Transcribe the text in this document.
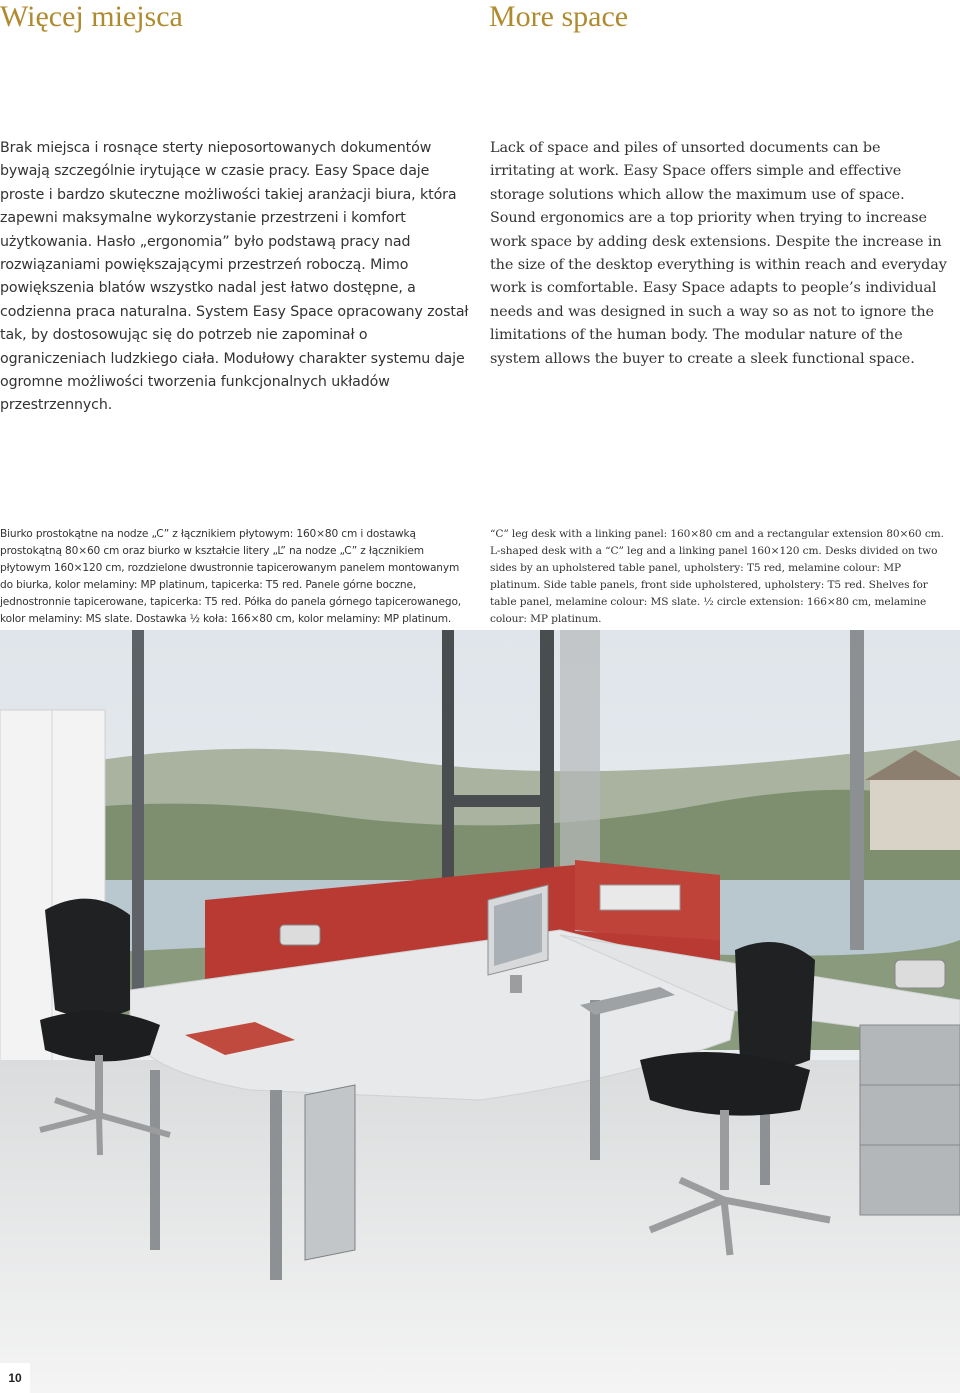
Więcej miejsca	More space

Brak miejsca i rosnące sterty nieposortowanych dokumentów bywają szczególnie irytujące w czasie pracy. Easy Space daje proste i bardzo skuteczne możliwości takiej aranżacji biura, która zapewni maksymalne wykorzystanie przestrzeni i komfort użytkowania. Hasło „ergonomia” było podstawą pracy nad rozwiązaniami powiększającymi przestrzeń roboczą. Mimo powiększenia blatów wszystko nadal jest łatwo dostępne, a codzienna praca naturalna. System Easy Space opracowany został tak, by dostosowując się do potrzeb nie zapominał o ograniczeniach ludzkiego ciała. Modułowy charakter systemu daje ogromne możliwości tworzenia funkcjonalnych układów przestrzennych.

Lack of space and piles of unsorted documents can be irritating at work. Easy Space offers simple and effective storage solutions which allow the maximum use of space. Sound ergonomics are a top priority when trying to increase work space by adding desk extensions. Despite the increase in the size of the desktop everything is within reach and everyday work is comfortable. Easy Space adapts to people’s individual needs and was designed in such a way so as not to ignore the limitations of the human body. The modular nature of the system allows the buyer to create a sleek functional space.

Biurko prostokątne na nodze „C” z łącznikiem płytowym: 160×80 cm i dostawką prostokątną 80×60 cm oraz biurko w kształcie litery „L” na nodze „C” z łącznikiem płytowym 160×120 cm, rozdzielone dwustronnie tapicerowanym panelem montowanym do biurka, kolor melaminy: MP platinum, tapicerka: T5 red. Panele górne boczne, jednostronnie tapicerowane, tapicerka: T5 red. Półka do panela górnego tapicerowanego, kolor melaminy: MS slate. Dostawka ½ koła: 166×80 cm, kolor melaminy: MP platinum.

“C” leg desk with a linking panel: 160×80 cm and a rectangular extension 80×60 cm. L-shaped desk with a “C” leg and a linking panel 160×120 cm. Desks divided on two sides by an upholstered table panel, upholstery: T5 red, melamine colour: MP platinum. Side table panels, front side upholstered, upholstery: T5 red. Shelves for table panel, melamine colour: MS slate. ½ circle extension: 166×80 cm, melamine colour: MP platinum.

10
